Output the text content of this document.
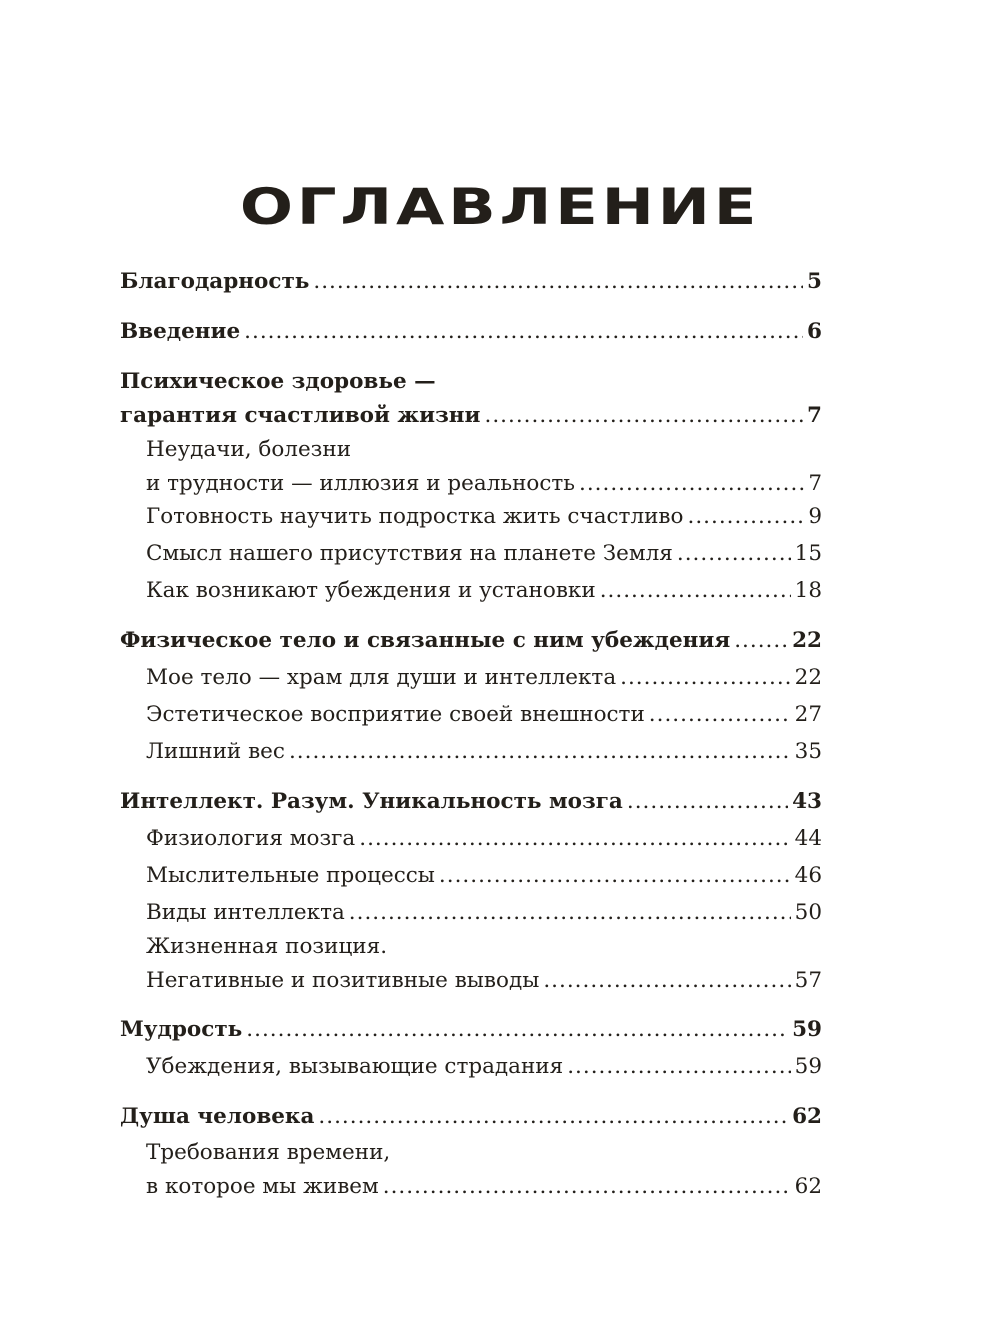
ОГЛАВЛЕНИЕ
Благодарность .....	5
Введение .....	6
Психическое здоровье —
гарантия счастливой жизни .....	7
Неудачи, болезни
и трудности — иллюзия и реальность .....	7
Готовность научить подростка жить счастливо .....	9
Смысл нашего присутствия на планете Земля .....	15
Как возникают убеждения и установки .....	18
Физическое тело и связанные с ним убеждения .....	22
Мое тело — храм для души и интеллекта .....	22
Эстетическое восприятие своей внешности .....	27
Лишний вес .....	35
Интеллект. Разум. Уникальность мозга .....	43
Физиология мозга .....	44
Мыслительные процессы .....	46
Виды интеллекта .....	50
Жизненная позиция.
Негативные и позитивные выводы .....	57
Мудрость .....	59
Убеждения, вызывающие страдания .....	59
Душа человека .....	62
Требования времени,
в которое мы живем .....	62
